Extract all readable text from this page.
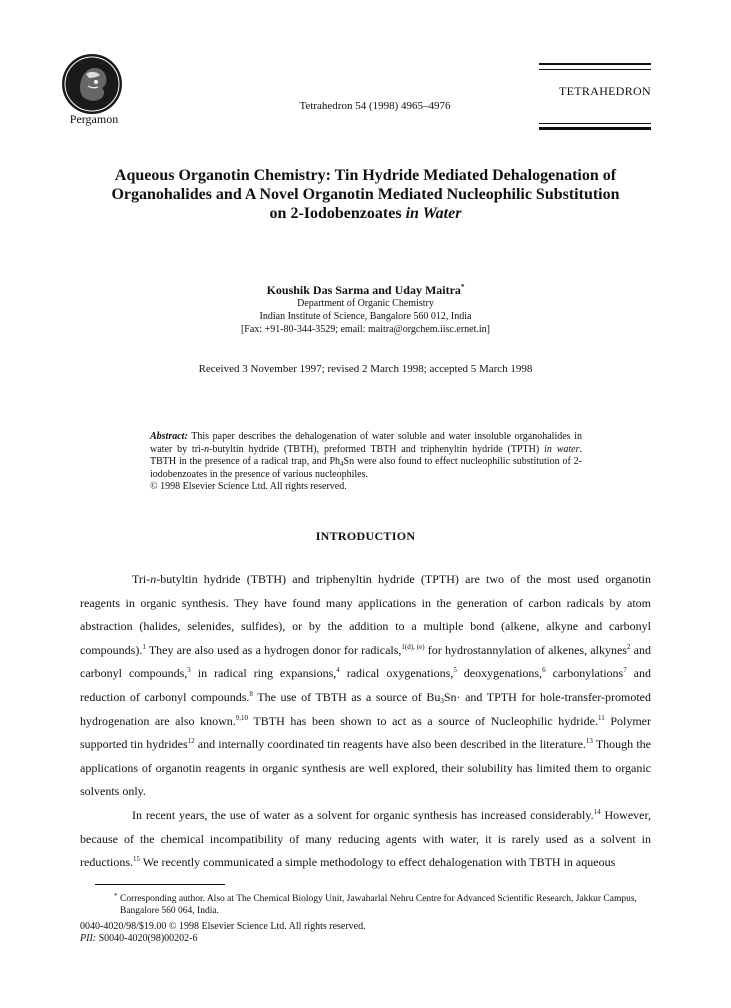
Pergamon
Tetrahedron 54 (1998) 4965–4976
TETRAHEDRON
Aqueous Organotin Chemistry: Tin Hydride Mediated Dehalogenation of
Organohalides and A Novel Organotin Mediated Nucleophilic Substitution
on 2-Iodobenzoates in Water
Koushik Das Sarma and Uday Maitra*
Department of Organic Chemistry
Indian Institute of Science, Bangalore 560 012, India
[Fax: +91-80-344-3529; email: maitra@orgchem.iisc.ernet.in]
Received 3 November 1997; revised 2 March 1998; accepted 5 March 1998
Abstract: This paper describes the dehalogenation of water soluble and water insoluble organohalides in water by tri-n-butyltin hydride (TBTH), preformed TBTH and triphenyltin hydride (TPTH) in water. TBTH in the presence of a radical trap, and $Ph_4Sn$ were also found to effect nucleophilic substitution of 2-iodobenzoates in the presence of various nucleophiles.
© 1998 Elsevier Science Ltd. All rights reserved.
INTRODUCTION

Tri-n-butyltin hydride (TBTH) and triphenyltin hydride (TPTH) are two of the most used organotin reagents in organic synthesis. They have found many applications in the generation of carbon radicals by atom abstraction (halides, selenides, sulfides), or by the addition to a multiple bond (alkene, alkyne and carbonyl compounds).$^1$ They are also used as a hydrogen donor for radicals,$^{1(d), (e)}$ for hydrostannylation of alkenes, alkynes$^2$ and carbonyl compounds,$^3$ in radical ring expansions,$^4$ radical oxygenations,$^5$ deoxygenations,$^6$ carbonylations$^7$ and reduction of carbonyl compounds.$^8$ The use of TBTH as a source of $Bu_3Sn\cdot$ and TPTH for hole-transfer-promoted hydrogenation are also known.$^{9,10}$ TBTH has been shown to act as a source of Nucleophilic hydride.$^{11}$ Polymer supported tin hydrides$^{12}$ and internally coordinated tin reagents have also been described in the literature.$^{13}$ Though the applications of organotin reagents in organic synthesis are well explored, their solubility has limited them to organic solvents only.

In recent years, the use of water as a solvent for organic synthesis has increased considerably.$^{14}$ However, because of the chemical incompatibility of many reducing agents with water, it is rarely used as a solvent in reductions.$^{15}$ We recently communicated a simple methodology to effect dehalogenation with TBTH in aqueous

* Corresponding author. Also at The Chemical Biology Unit, Jawaharlal Nehru Centre for Advanced Scientific Research, Jakkur Campus, Bangalore 560 064, India.
0040-4020/98/$19.00 © 1998 Elsevier Science Ltd. All rights reserved.
PII: S0040-4020(98)00202-6
